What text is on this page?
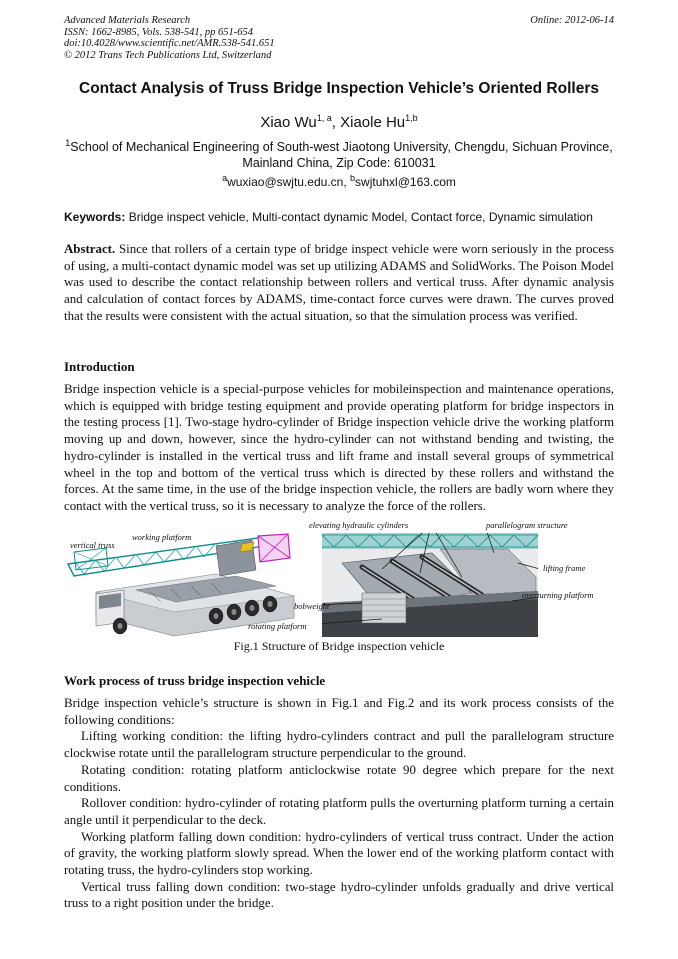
Advanced Materials Research
ISSN: 1662-8985, Vols. 538-541, pp 651-654
doi:10.4028/www.scientific.net/AMR.538-541.651
© 2012 Trans Tech Publications Ltd, Switzerland
Online: 2012-06-14
Contact Analysis of Truss Bridge Inspection Vehicle’s Oriented Rollers
Xiao Wu$^{1, a}$, Xiaole Hu$^{1,b}$
$^1$School of Mechanical Engineering of South-west Jiaotong University, Chengdu, Sichuan Province, Mainland China, Zip Code: 610031
$^a$wuxiao@swjtu.edu.cn, $^b$swjtuhxl@163.com
Keywords: Bridge inspect vehicle, Multi-contact dynamic Model, Contact force, Dynamic simulation
Abstract. Since that rollers of a certain type of bridge inspect vehicle were worn seriously in the process of using, a multi-contact dynamic model was set up utilizing ADAMS and SolidWorks. The Poison Model was used to describe the contact relationship between rollers and vertical truss. After dynamic analysis and calculation of contact forces by ADAMS, time-contact force curves were drawn. The curves proved that the results were consistent with the actual situation, so that the simulation process was verified.
Introduction
Bridge inspection vehicle is a special-purpose vehicles for mobileinspection and maintenance operations, which is equipped with bridge testing equipment and provide operating platform for bridge inspectors in the testing process [1]. Two-stage hydro-cylinder of Bridge inspection vehicle drive the working platform moving up and down, however, since the hydro-cylinder can not withstand bending and twisting, the hydro-cylinder is installed in the vertical truss and lift frame and install several groups of symmetrical wheel in the top and bottom of the vertical truss which is directed by these rollers and withstand the forces. At the same time, in the use of the bridge inspection vehicle, the rollers are badly worn where they contact with the vertical truss, so it is necessary to analyze the force of the rollers.
vertical truss
working platform
elevating hydraulic cylinders	parallelogram structure
lifting frame
overturning platform
bobweight
rotating platform
Fig.1 Structure of Bridge inspection vehicle
Work process of truss bridge inspection vehicle

Bridge inspection vehicle’s structure is shown in Fig.1 and Fig.2 and its work process consists of the following conditions:

Lifting working condition: the lifting hydro-cylinders contract and pull the parallelogram structure clockwise rotate until the parallelogram structure perpendicular to the ground.

Rotating condition: rotating platform anticlockwise rotate 90 degree which prepare for the next conditions.

Rollover condition: hydro-cylinder of rotating platform pulls the overturning platform turning a certain angle until it perpendicular to the deck.

Working platform falling down condition: hydro-cylinders of vertical truss contract. Under the action of gravity, the working platform slowly spread. When the lower end of the working platform contact with rotating truss, the hydro-cylinders stop working.

Vertical truss falling down condition: two-stage hydro-cylinder unfolds gradually and drive vertical truss to a right position under the bridge.
